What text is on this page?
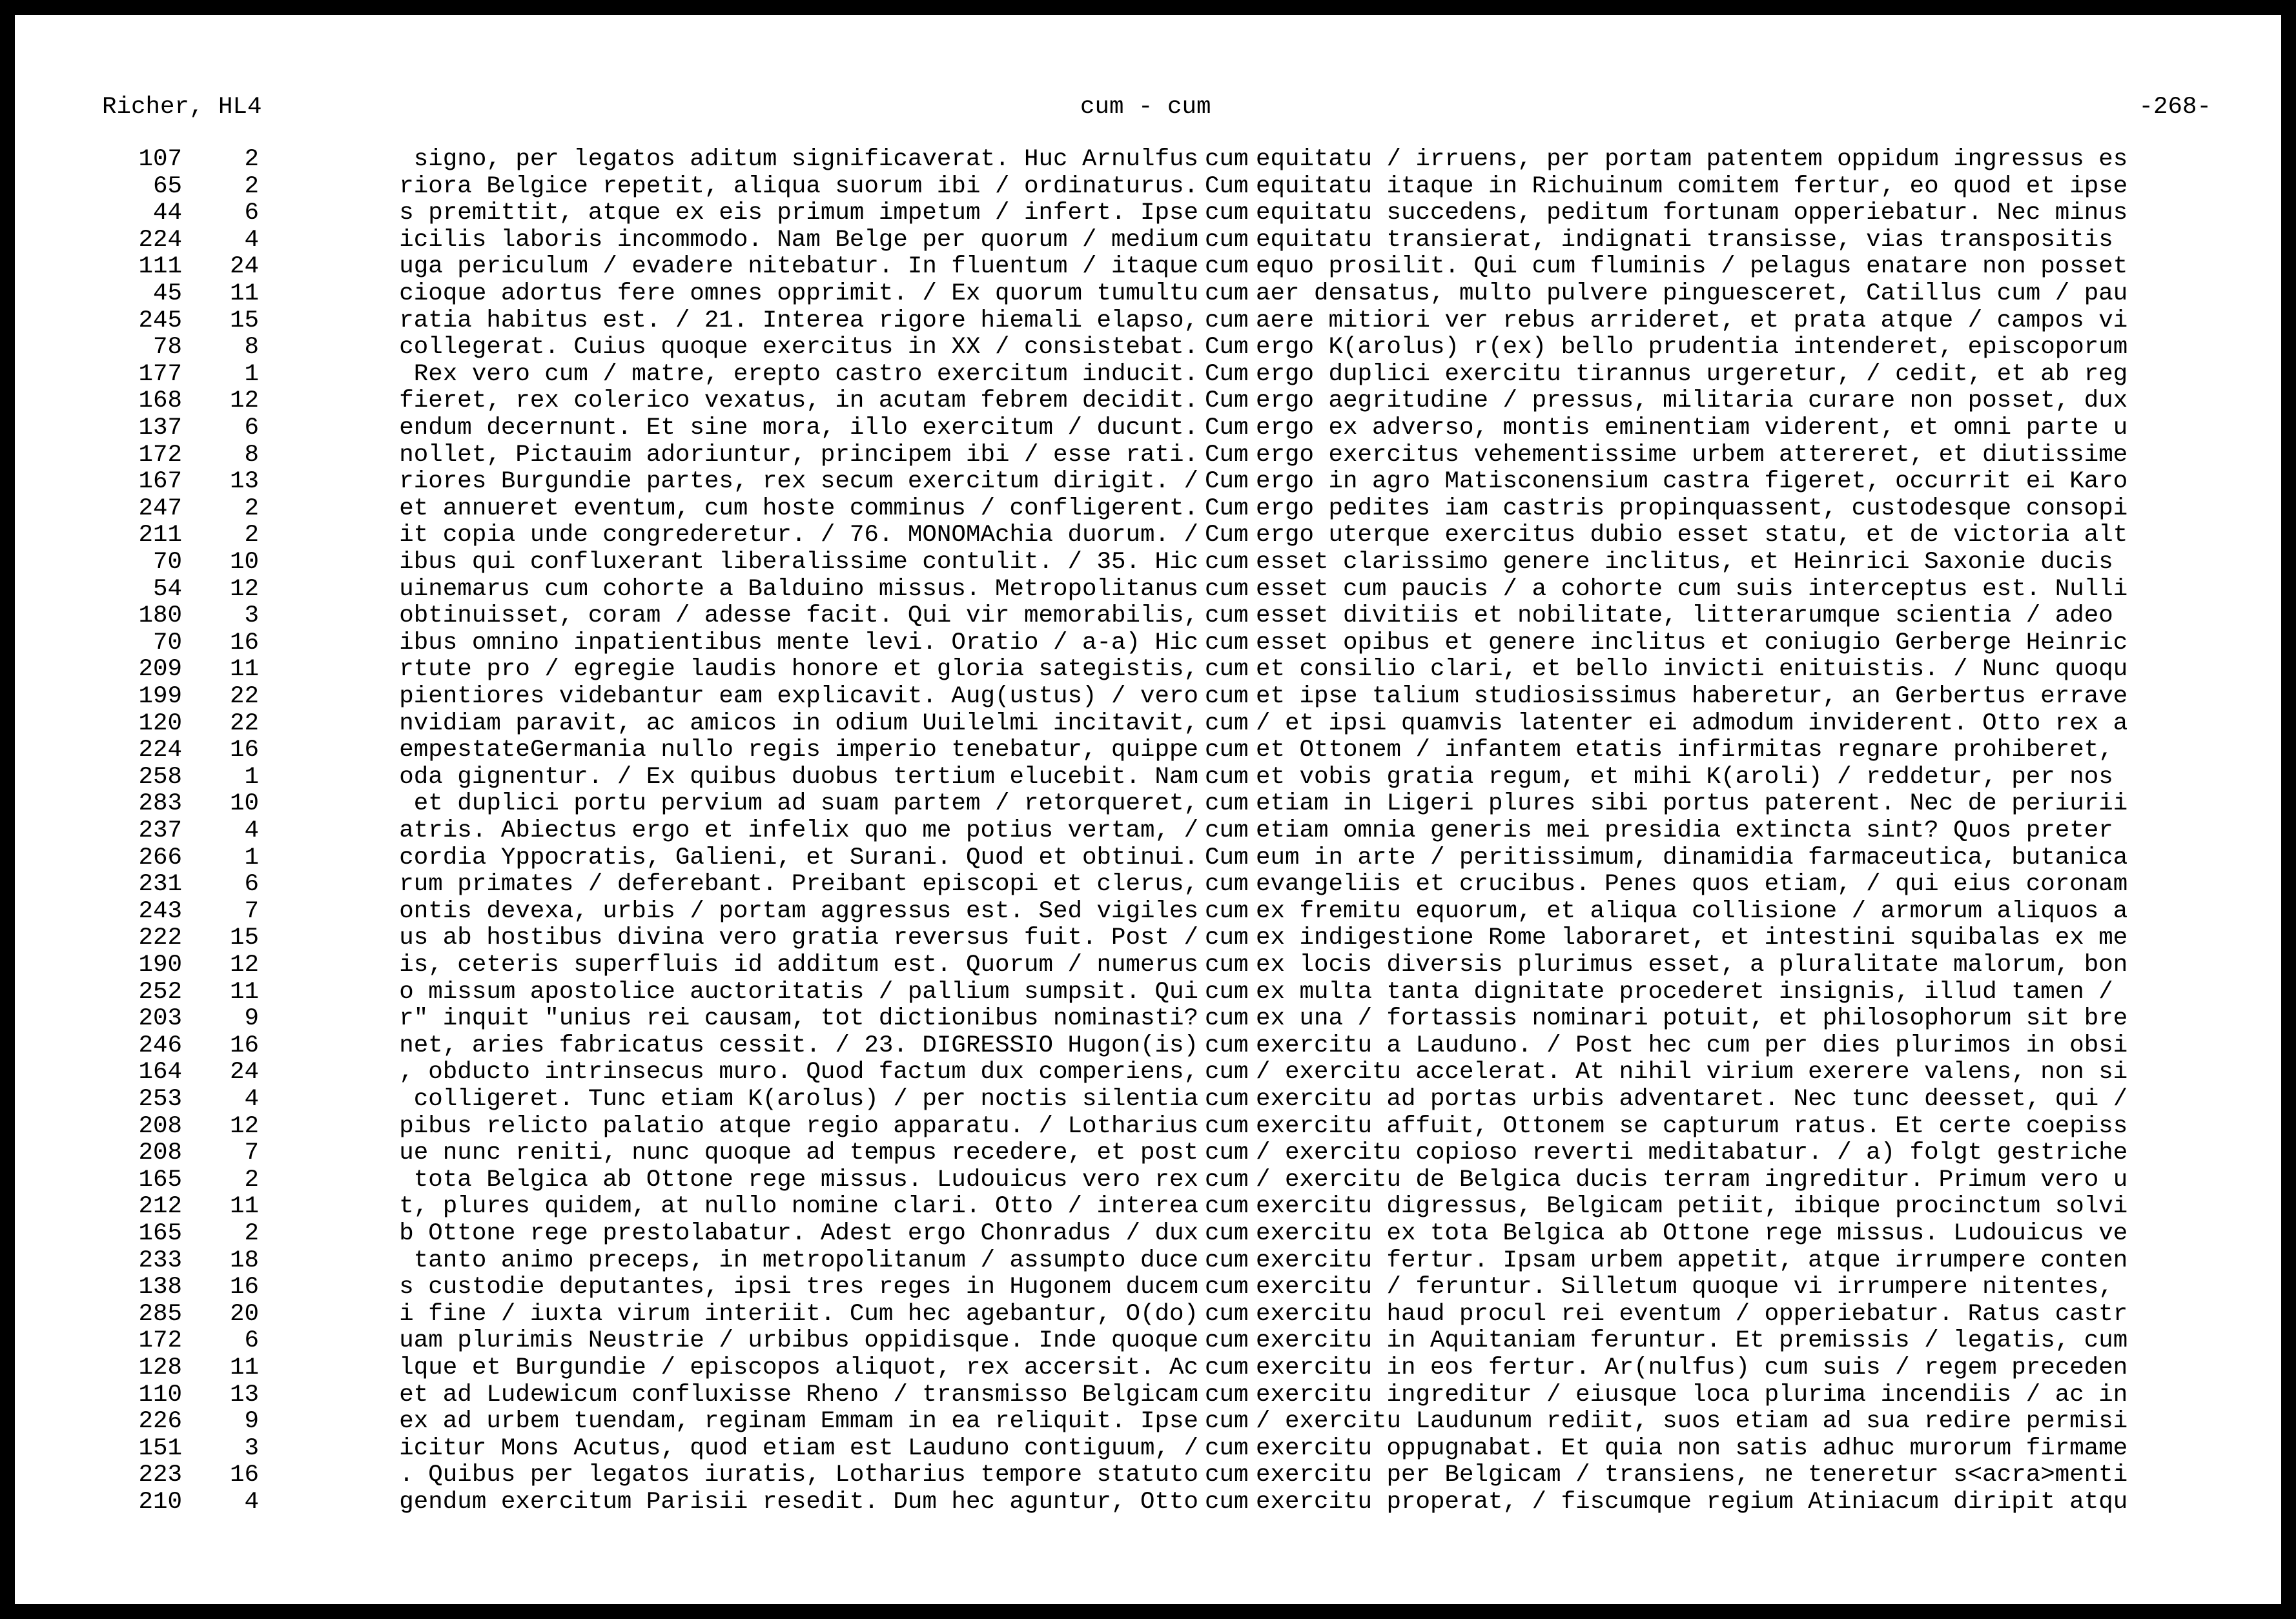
Richer, HL4

	cum - cum

	-268-

107	2	signo, per legatos aditum significaverat. Huc Arnulfus cum equitatu / irruens, per portam patentem oppidum ingressus es
65	2	riora Belgice repetit, aliqua suorum ibi / ordinaturus. Cum equitatu itaque in Richuinum comitem fertur, eo quod et ipse
44	6	s premittit, atque ex eis primum impetum / infert. Ipse cum equitatu succedens, peditum fortunam opperiebatur. Nec minus
224	4	icilis laboris incommodo. Nam Belge per quorum / medium cum equitatu transierat, indignati transisse, vias transpositis
111 24	uga periculum / evadere nitebatur. In fluentum / itaque cum equo prosilit. Qui cum fluminis / pelagus enatare non posset
45 11	cioque adortus fere omnes opprimit. / Ex quorum tumultu cum aer densatus, multo pulvere pinguesceret, Catillus cum / pau
245 15	ratia habitus est. / 21. Interea rigore hiemali elapso, cum aere mitiori ver rebus arrideret, et prata atque / campos vi
78	8	collegerat. Cuius quoque exercitus in XX / consistebat. Cum ergo K(arolus) r(ex) bello prudentia intenderet, episcoporum
177	1	Rex vero cum / matre, erepto castro exercitum inducit. Cum ergo duplici exercitu tirannus urgeretur, / cedit, et ab reg
168 12	fieret, rex colerico vexatus, in acutam febrem decidit. Cum ergo aegritudine / pressus, militaria curare non posset, dux
137	6	endum decernunt. Et sine mora, illo exercitum / ducunt. Cum ergo ex adverso, montis eminentiam viderent, et omni parte u
172	8	nollet, Pictauim adoriuntur, principem ibi / esse rati. Cum ergo exercitus vehementissime urbem attereret, et diutissime
167 13	riores Burgundie partes, rex secum exercitum dirigit. / Cum ergo in agro Matisconensium castra figeret, occurrit ei Karo
247	2	et annueret eventum, cum hoste comminus / confligerent. Cum ergo pedites iam castris propinquassent, custodesque consopi
211	2	it copia unde congrederetur. / 76. MONOMAchia duorum. / Cum ergo uterque exercitus dubio esset statu, et de victoria alt
70 10	ibus qui confluxerant liberalissime contulit. / 35. Hic cum esset clarissimo genere inclitus, et Heinrici Saxonie ducis
54 12	uinemarus cum cohorte a Balduino missus. Metropolitanus cum esset cum paucis / a cohorte cum suis interceptus est. Nulli
180	3	obtinuisset, coram / adesse facit. Qui vir memorabilis, cum esset divitiis et nobilitate, litterarumque scientia / adeo
70 16	ibus omnino inpatientibus mente levi. Oratio / a-a) Hic cum esset opibus et genere inclitus et coniugio Gerberge Heinric
209 11	rtute pro / egregie laudis honore et gloria sategistis, cum et consilio clari, et bello invicti enituistis. / Nunc quoqu
199 22	pientiores videbantur eam explicavit. Aug(ustus) / vero cum et ipse talium studiosissimus haberetur, an Gerbertus errave
120 22	nvidiam paravit, ac amicos in odium Uuilelmi incitavit, cum / et ipsi quamvis latenter ei admodum inviderent. Otto rex a
224 16	empestateGermania nullo regis imperio tenebatur, quippe cum et Ottonem / infantem etatis infirmitas regnare prohiberet,
258	1	oda gignentur. / Ex quibus duobus tertium elucebit. Nam cum et vobis gratia regum, et mihi K(aroli) / reddetur, per nos
283 10	et duplici portu pervium ad suam partem / retorqueret, cum etiam in Ligeri plures sibi portus paterent. Nec de periurii
237	4	atris. Abiectus ergo et infelix quo me potius vertam, / cum etiam omnia generis mei presidia extincta sint? Quos preter
266	1	cordia Yppocratis, Galieni, et Surani. Quod et obtinui. Cum eum in arte / peritissimum, dinamidia farmaceutica, butanica
231	6	rum primates / deferebant. Preibant episcopi et clerus, cum evangeliis et crucibus. Penes quos etiam, / qui eius coronam
243	7	ontis devexa, urbis / portam aggressus est. Sed vigiles cum ex fremitu equorum, et aliqua collisione / armorum aliquos a
222 15	us ab hostibus divina vero gratia reversus fuit. Post / cum ex indigestione Rome laboraret, et intestini squibalas ex me
190 12	is, ceteris superfluis id additum est. Quorum / numerus cum ex locis diversis plurimus esset, a pluralitate malorum, bon
252 11	o missum apostolice auctoritatis / pallium sumpsit. Qui cum ex multa tanta dignitate procederet insignis, illud tamen /
203	9	r" inquit "unius rei causam, tot dictionibus nominasti? cum ex una / fortassis nominari potuit, et philosophorum sit bre
246 16	net, aries fabricatus cessit. / 23. DIGRESSIO Hugon(is) cum exercitu a Lauduno. / Post hec cum per dies plurimos in obsi
164 24	, obducto intrinsecus muro. Quod factum dux comperiens, cum / exercitu accelerat. At nihil virium exerere valens, non si
253	4	colligeret. Tunc etiam K(arolus) / per noctis silentia cum exercitu ad portas urbis adventaret. Nec tunc deesset, qui /
208 12	pibus relicto palatio atque regio apparatu. / Lotharius cum exercitu affuit, Ottonem se capturum ratus. Et certe coepiss
208	7	ue nunc reniti, nunc quoque ad tempus recedere, et post cum / exercitu copioso reverti meditabatur. / a) folgt gestriche
165	2	tota Belgica ab Ottone rege missus. Ludouicus vero rex cum / exercitu de Belgica ducis terram ingreditur. Primum vero u
212 11	t, plures quidem, at nullo nomine clari. Otto / interea cum exercitu digressus, Belgicam petiit, ibique procinctum solvi
165	2	b Ottone rege prestolabatur. Adest ergo Chonradus / dux cum exercitu ex tota Belgica ab Ottone rege missus. Ludouicus ve
233 18	tanto animo preceps, in metropolitanum / assumpto duce cum exercitu fertur. Ipsam urbem appetit, atque irrumpere conten
138 16	s custodie deputantes, ipsi tres reges in Hugonem ducem cum exercitu / feruntur. Silletum quoque vi irrumpere nitentes,
285 20	i fine / iuxta virum interiit. Cum hec agebantur, O(do) cum exercitu haud procul rei eventum / opperiebatur. Ratus castr
172	6	uam plurimis Neustrie / urbibus oppidisque. Inde quoque cum exercitu in Aquitaniam feruntur. Et premissis / legatis, cum
128 11	lque et Burgundie / episcopos aliquot, rex accersit. Ac cum exercitu in eos fertur. Ar(nulfus) cum suis / regem preceden
110 13	et ad Ludewicum confluxisse Rheno / transmisso Belgicam cum exercitu ingreditur / eiusque loca plurima incendiis / ac in
226	9	ex ad urbem tuendam, reginam Emmam in ea reliquit. Ipse cum / exercitu Laudunum rediit, suos etiam ad sua redire permisi
151	3	icitur Mons Acutus, quod etiam est Lauduno contiguum, / cum exercitu oppugnabat. Et quia non satis adhuc murorum firmame
223 16	. Quibus per legatos iuratis, Lotharius tempore statuto cum exercitu per Belgicam / transiens, ne teneretur s<acra>menti
210	4	gendum exercitum Parisii resedit. Dum hec aguntur, Otto cum exercitu properat, / fiscumque regium Atiniacum diripit atqu
